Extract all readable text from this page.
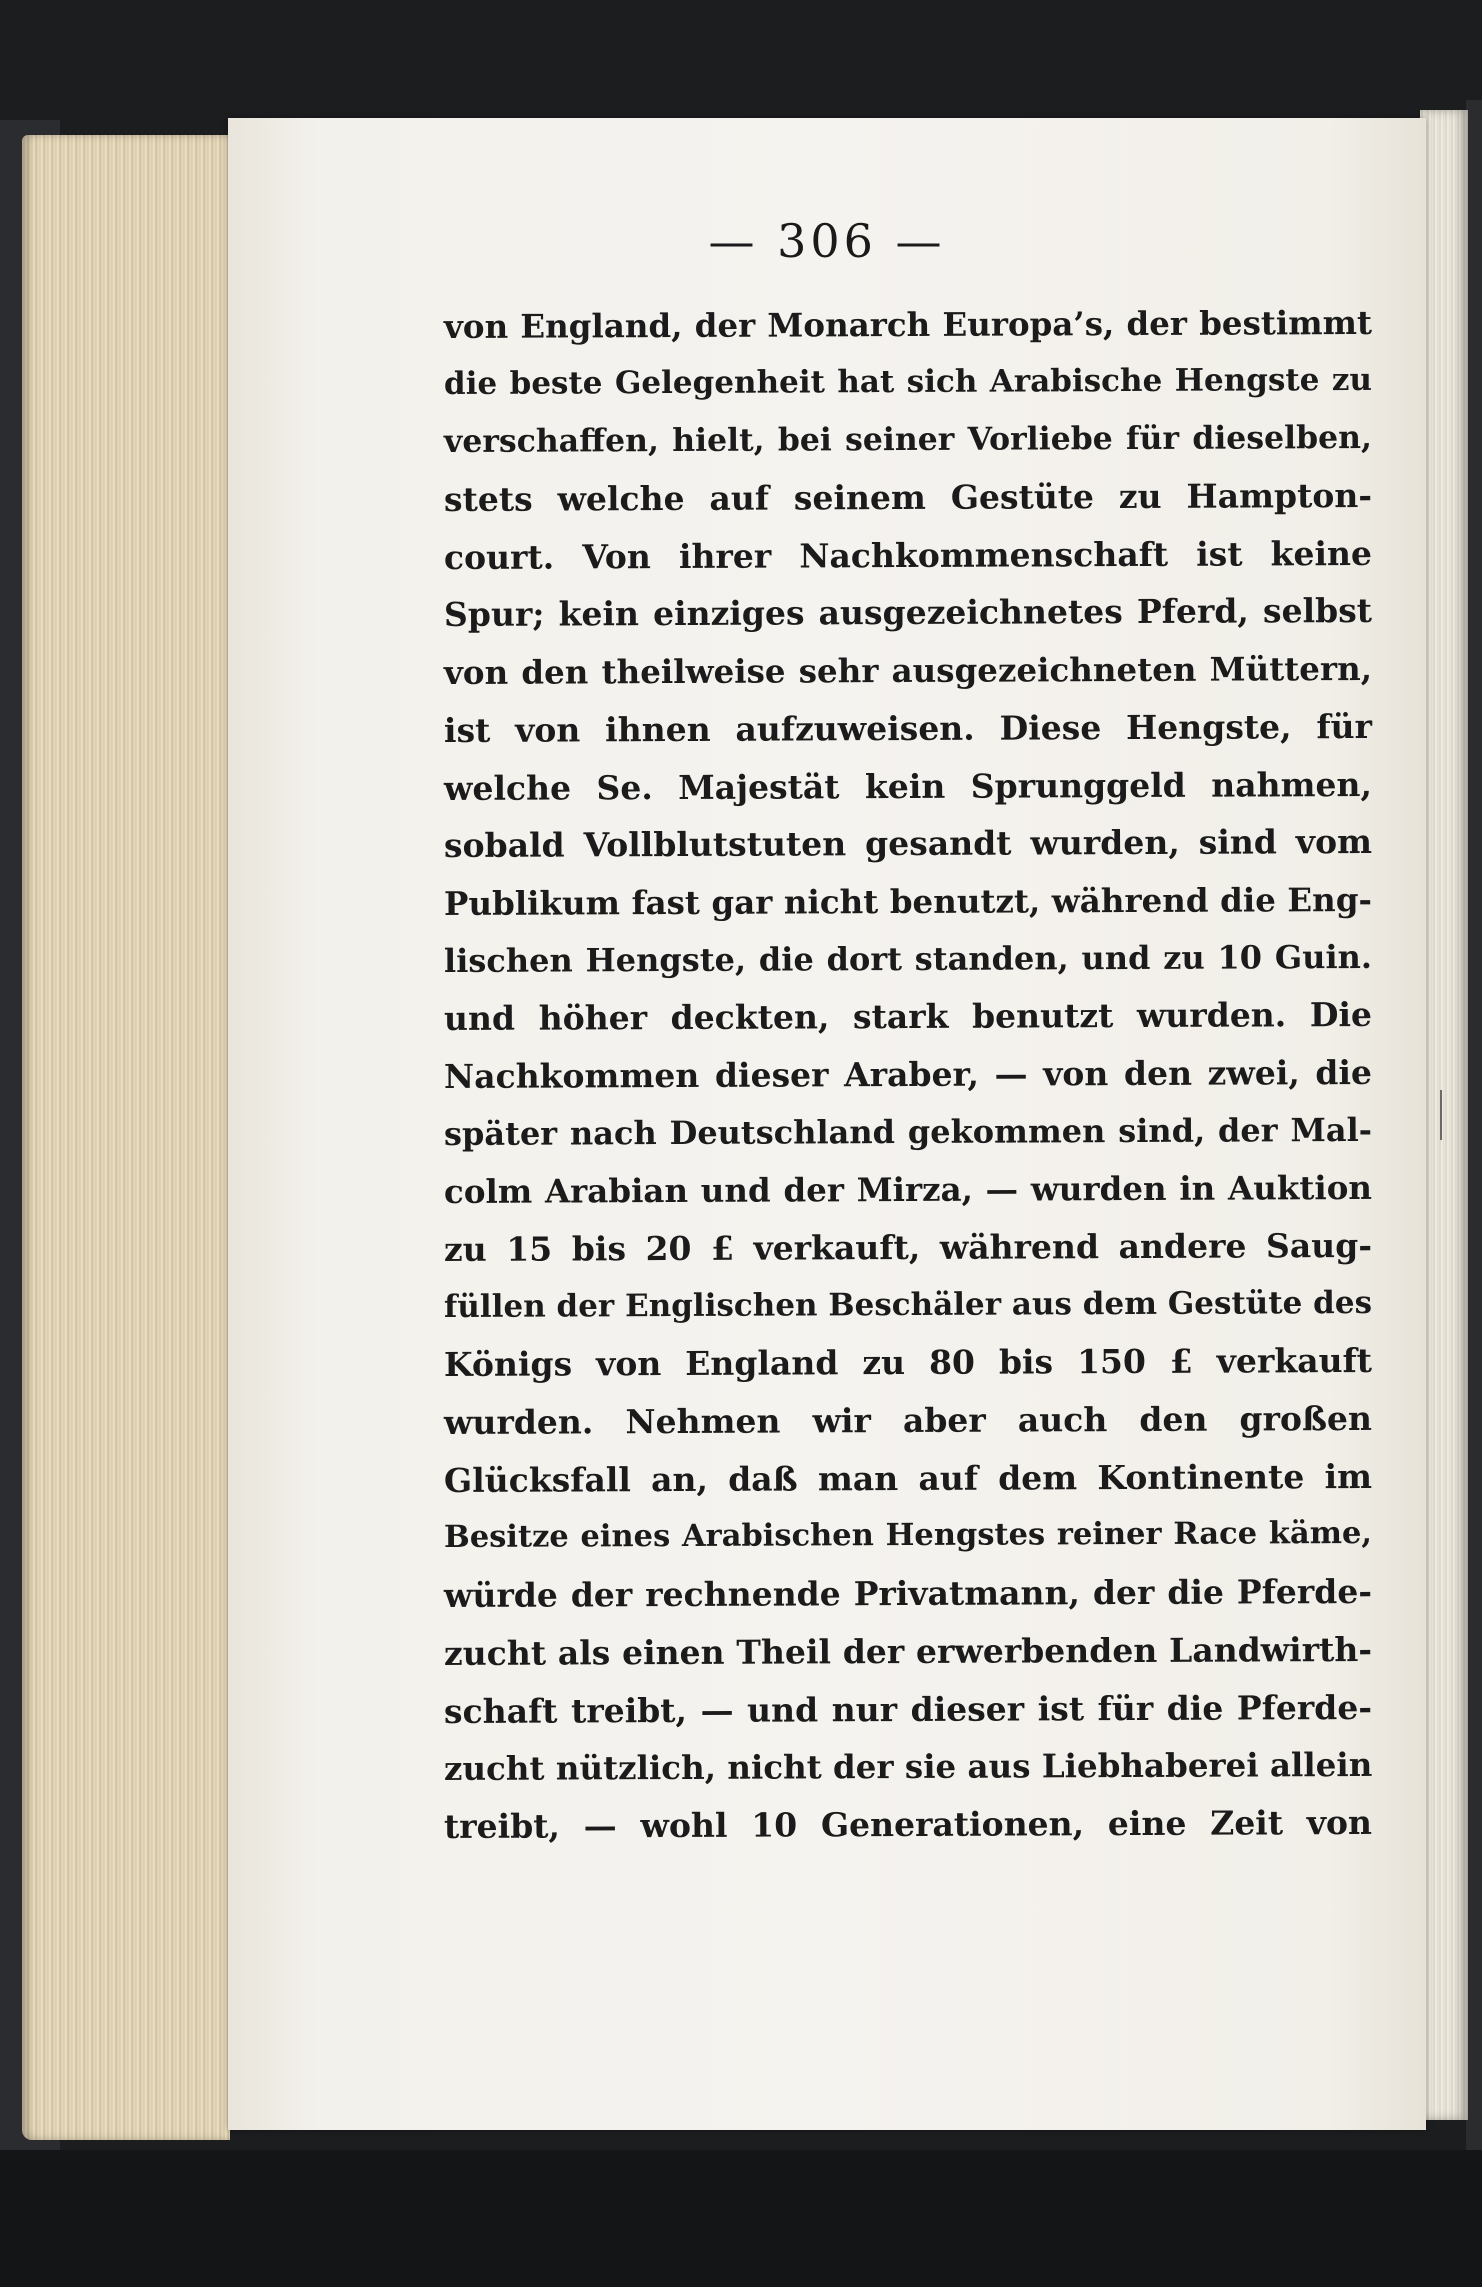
— 306 —
von England, der Monarch Europa’s, der bestimmt
die beste Gelegenheit hat sich Arabische Hengste zu
verschaffen, hielt, bei seiner Vorliebe für dieselben,
stets welche auf seinem Gestüte zu Hampton-
court. Von ihrer Nachkommenschaft ist keine
Spur; kein einziges ausgezeichnetes Pferd, selbst
von den theilweise sehr ausgezeichneten Müttern,
ist von ihnen aufzuweisen. Diese Hengste, für
welche Se. Majestät kein Sprunggeld nahmen,
sobald Vollblutstuten gesandt wurden, sind vom
Publikum fast gar nicht benutzt, während die Eng-
lischen Hengste, die dort standen, und zu 10 Guin.
und höher deckten, stark benutzt wurden. Die
Nachkommen dieser Araber, — von den zwei, die
später nach Deutschland gekommen sind, der Mal-
colm Arabian und der Mirza, — wurden in Auktion
zu 15 bis 20 £ verkauft, während andere Saug-
füllen der Englischen Beschäler aus dem Gestüte des
Königs von England zu 80 bis 150 £ verkauft
wurden. Nehmen wir aber auch den großen
Glücksfall an, daß man auf dem Kontinente im
Besitze eines Arabischen Hengstes reiner Race käme,
würde der rechnende Privatmann, der die Pferde-
zucht als einen Theil der erwerbenden Landwirth-
schaft treibt, — und nur dieser ist für die Pferde-
zucht nützlich, nicht der sie aus Liebhaberei allein
treibt, — wohl 10 Generationen, eine Zeit von
